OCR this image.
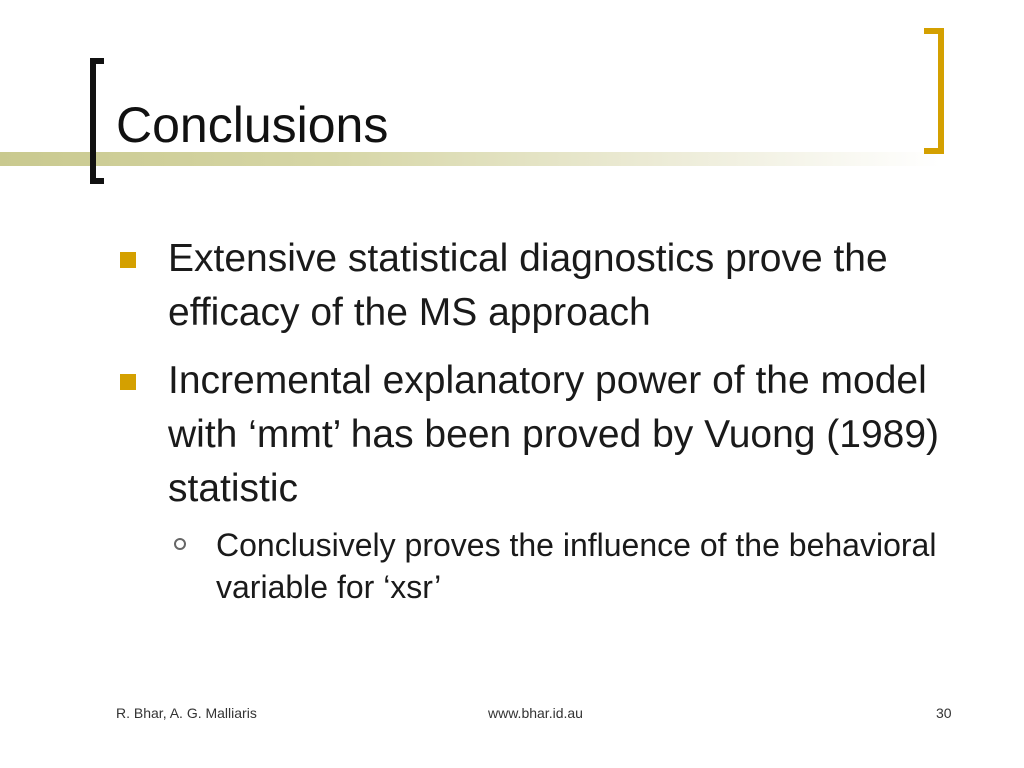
Conclusions
Extensive statistical diagnostics prove the efficacy of the MS approach
Incremental explanatory power of the model with ‘mmt’ has been proved by Vuong (1989) statistic
Conclusively proves the influence of the behavioral variable for ‘xsr’
R. Bhar, A. G. Malliaris	www.bhar.id.au	30
